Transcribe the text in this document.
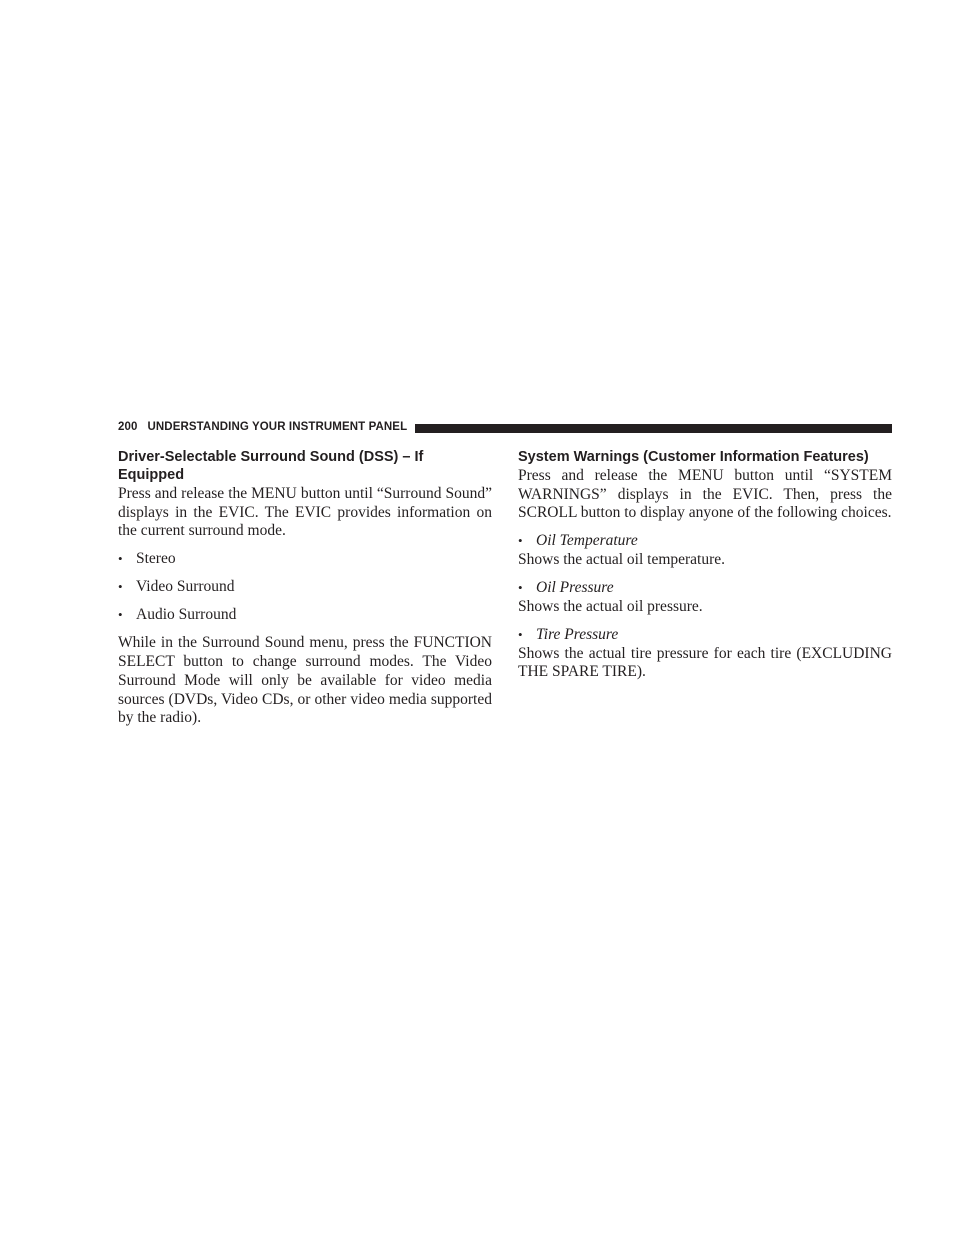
200 UNDERSTANDING YOUR INSTRUMENT PANEL
Driver-Selectable Surround Sound (DSS) – If Equipped

Press and release the MENU button until “Surround Sound” displays in the EVIC. The EVIC provides information on the current surround mode.

• Stereo
• Video Surround
• Audio Surround

While in the Surround Sound menu, press the FUNCTION SELECT button to change surround modes. The Video Surround Mode will only be available for video media sources (DVDs, Video CDs, or other video media supported by the radio).

System Warnings (Customer Information Features)

Press and release the MENU button until “SYSTEM WARNINGS” displays in the EVIC. Then, press the SCROLL button to display anyone of the following choices.

• Oil Temperature

Shows the actual oil temperature.

• Oil Pressure

Shows the actual oil pressure.

• Tire Pressure

Shows the actual tire pressure for each tire (EXCLUDING THE SPARE TIRE).
